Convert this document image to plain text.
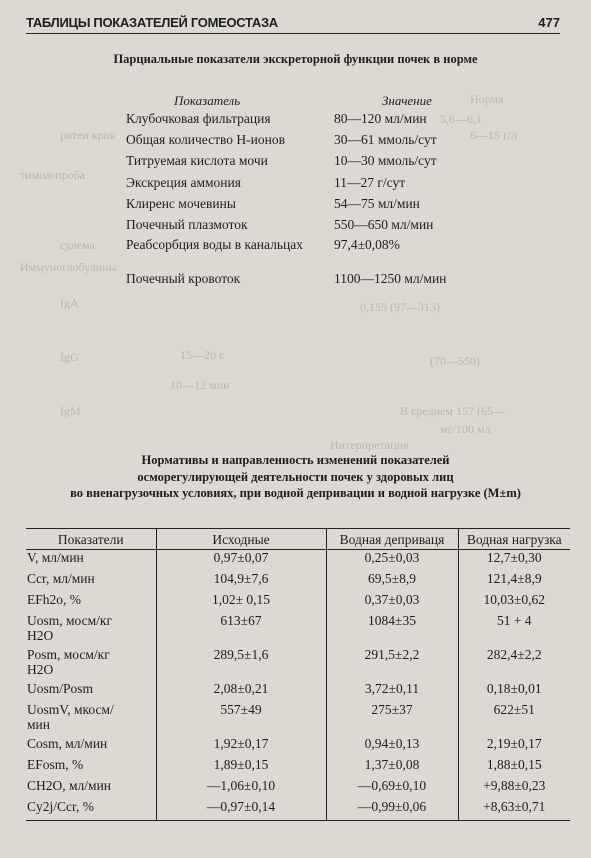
Норма
5,6—6,1
ротеи кров	6—15 г/л
тимол-проба
сулема
Иммуноглобулины
IgA	0,155 (97—313)
IgG	15—20 с	(70—550)
10—12 мин
IgM	В среднем 157 (65—
мг/100 мл
Интерпретация
ТАБЛИЦЫ ПОКАЗАТЕЛЕЙ ГОМЕОСТАЗА	477
Парциальные показатели экскреторной функции почек в норме
Показатель	Значение
Клубочковая фильтрация	80—120 мл/мин
Общая количество Н-ионов	30—61 ммоль/сут
Титруемая кислота мочи	10—30 ммоль/сут
Экскреция аммония	11—27 г/сут
Клиренс мочевины	54—75 мл/мин
Почечный плазмоток	550—650 мл/мин
Реабсорбция воды в канальцах	97,4±0,08%
Почечный кровоток	1100—1250 мл/мин
Нормативы и направленность изменений показателей
осморегулирующей деятельности почек у здоровых лиц
во вненагрузочных условиях, при водной депривации и водной нагрузке (М±m)
Показатели	Исходные	Водная деприваця	Водная нагрузка
V, мл/мин	0,97±0,07	0,25±0,03	12,7±0,30
Ccr, мл/мин	104,9±7,6	69,5±8,9	121,4±8,9
EFh2o, %	1,02± 0,15	0,37±0,03	10,03±0,62
Uosm, мосм/кг H2O	613±67	1084±35	51 + 4
Posm, мосм/кг H2O	289,5±1,6	291,5±2,2	282,4±2,2
Uosm/Posm	2,08±0,21	3,72±0,11	0,18±0,01
UosmV, мкосм/мин	557±49	275±37	622±51
Cosm, мл/мин	1,92±0,17	0,94±0,13	2,19±0,17
EFosm, %	1,89±0,15	1,37±0,08	1,88±0,15
CH2O, мл/мин	—1,06±0,10	—0,69±0,10	+9,88±0,23
Cy2j/Ccr, %	—0,97±0,14	—0,99±0,06	+8,63±0,71
